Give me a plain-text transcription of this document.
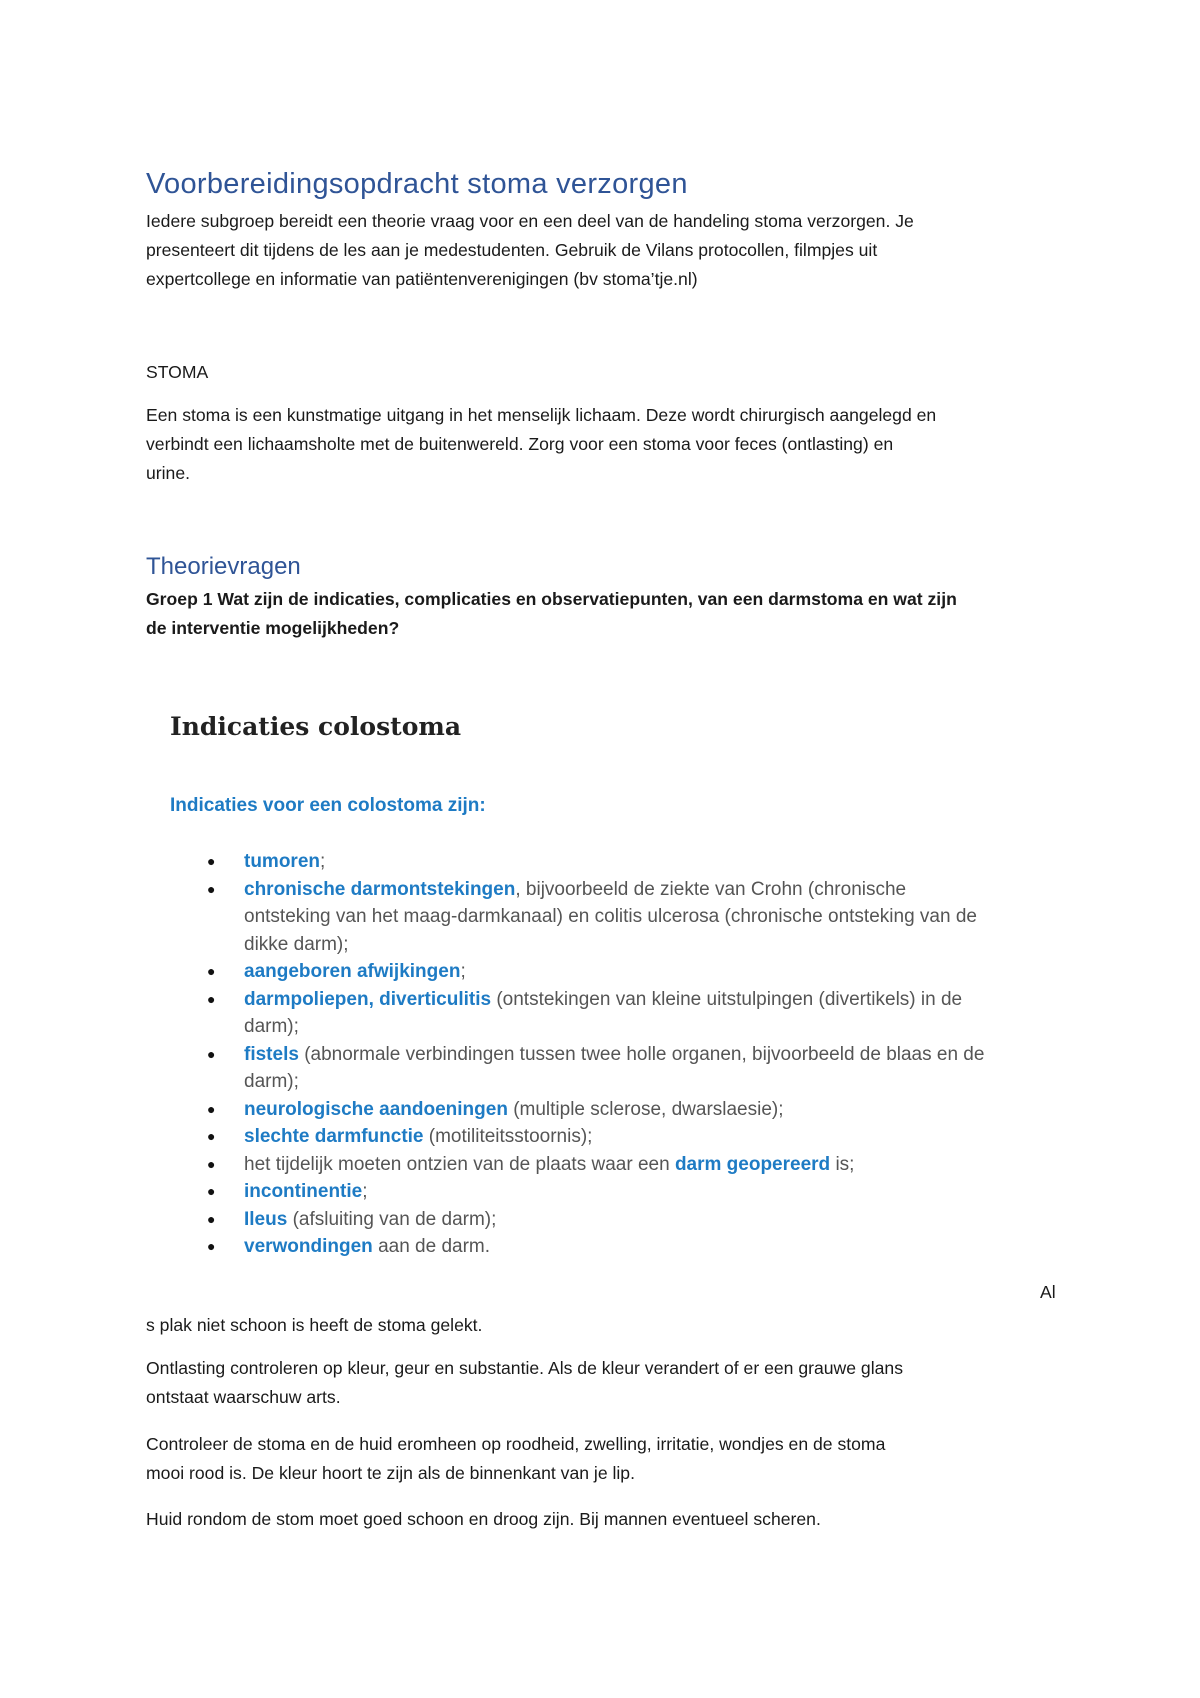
Voorbereidingsopdracht stoma verzorgen
Iedere subgroep bereidt een theorie vraag voor en een deel van de handeling stoma verzorgen. Je
presenteert dit tijdens de les aan je medestudenten. Gebruik de Vilans protocollen, filmpjes uit
expertcollege en informatie van patiëntenverenigingen (bv stoma’tje.nl)
STOMA
Een stoma is een kunstmatige uitgang in het menselijk lichaam. Deze wordt chirurgisch aangelegd en
verbindt een lichaamsholte met de buitenwereld. Zorg voor een stoma voor feces (ontlasting) en
urine.
Theorievragen
Groep 1 Wat zijn de indicaties, complicaties en observatiepunten, van een darmstoma en wat zijn
de interventie mogelijkheden?
Indicaties colostoma
Indicaties voor een colostoma zijn:
● tumoren;
● chronische darmontstekingen, bijvoorbeeld de ziekte van Crohn (chronische
ontsteking van het maag-darmkanaal) en colitis ulcerosa (chronische ontsteking van de
dikke darm);
● aangeboren afwijkingen;
● darmpoliepen, diverticulitis (ontstekingen van kleine uitstulpingen (divertikels) in de
darm);
● fistels (abnormale verbindingen tussen twee holle organen, bijvoorbeeld de blaas en de
darm);
● neurologische aandoeningen (multiple sclerose, dwarslaesie);
● slechte darmfunctie (motiliteitsstoornis);
● het tijdelijk moeten ontzien van de plaats waar een darm geopereerd is;
● incontinentie;
● Ileus (afsluiting van de darm);
● verwondingen aan de darm.
Al
s plak niet schoon is heeft de stoma gelekt.
Ontlasting controleren op kleur, geur en substantie. Als de kleur verandert of er een grauwe glans
ontstaat waarschuw arts.
Controleer de stoma en de huid eromheen op roodheid, zwelling, irritatie, wondjes en de stoma
mooi rood is. De kleur hoort te zijn als de binnenkant van je lip.
Huid rondom de stom moet goed schoon en droog zijn. Bij mannen eventueel scheren.
